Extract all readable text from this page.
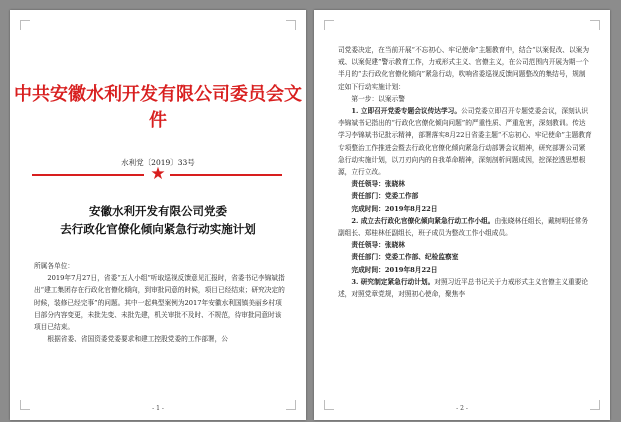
中共安徽水利开发有限公司委员会文件
水利党〔2019〕33号
★
安徽水利开发有限公司党委
去行政化官僚化倾向紧急行动实施计划

所属各单位：

2019年7月27日，省委“五人小组”听取巡视反馈意见汇报时，省委书记李锦斌指出“建工集团存在行政化官僚化倾向，到审批同意的时候，项目已经结束；研究决定的时候，装修已经完事”的问题。其中一起典型案例为2017年安徽水利国镇美丽乡村项目部分内容变更，未批先变、未批先建，机关审批不及时、不规范，待审批同意时该项目已结束。

根据省委、省国资委党委要求和建工控股党委的工作部署，公

- 1 -

司党委决定，在当前开展“不忘初心、牢记使命”主题教育中，结合“以案促改、以案为戒、以案促建”警示教育工作，力戒形式主义、官僚主义，在公司范围内开展为期一个半月的“去行政化官僚化倾向”紧急行动，吹响省委巡视反馈问题整改的集结号，规制定如下行动实施计划：

第一步：以案示警

1. 立即召开党委专题会议传达学习。公司党委立即召开专题党委会议，深刻认识李锦斌书记指出的“行政化官僚化倾向问题”的严重性质、严重危害，深刻教训。传达学习李锦斌书记批示精神，部署落实8月22日省委主题“不忘初心、牢记使命”主题教育专项整治工作推进会暨去行政化官僚化倾向紧急行动部署会议精神，研究部署公司紧急行动实施计划，以刀刃向内的自我革命精神，深刻剖析问题成因，挖深挖透思想根源，立行立改。

责任领导：张晓林

责任部门：党委工作部

完成时间：2019年8月22日

2. 成立去行政化官僚化倾向紧急行动工作小组。由张晓林任组长，戴树明任常务副组长、郑桂林任副组长，班子成员为整改工作小组成员。

责任领导：张晓林

责任部门：党委工作部、纪检监察室

完成时间：2019年8月22日

3. 研究制定紧急行动计划。对照习近平总书记关于力戒形式主义官僚主义重要论述，对照党章党规，对照初心使命，聚焦李

- 2 -
